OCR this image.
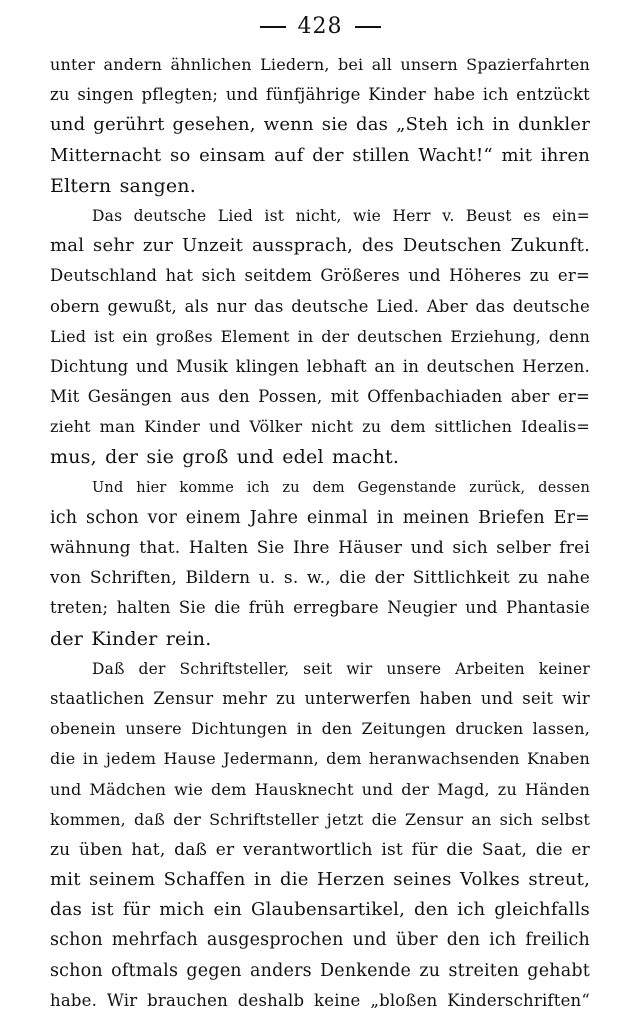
428
unter andern ähnlichen Liedern, bei all unsern Spazierfahrten
zu singen pflegten; und fünfjährige Kinder habe ich entzückt
und gerührt gesehen, wenn sie das „Steh ich in dunkler
Mitternacht so einsam auf der stillen Wacht!“ mit ihren
Eltern sangen.
Das deutsche Lied ist nicht, wie Herr v. Beust es ein=
mal sehr zur Unzeit aussprach, des Deutschen Zukunft.
Deutschland hat sich seitdem Größeres und Höheres zu er=
obern gewußt, als nur das deutsche Lied. Aber das deutsche
Lied ist ein großes Element in der deutschen Erziehung, denn
Dichtung und Musik klingen lebhaft an in deutschen Herzen.
Mit Gesängen aus den Possen, mit Offenbachiaden aber er=
zieht man Kinder und Völker nicht zu dem sittlichen Idealis=
mus, der sie groß und edel macht.
Und hier komme ich zu dem Gegenstande zurück, dessen
ich schon vor einem Jahre einmal in meinen Briefen Er=
wähnung that. Halten Sie Ihre Häuser und sich selber frei
von Schriften, Bildern u. s. w., die der Sittlichkeit zu nahe
treten; halten Sie die früh erregbare Neugier und Phantasie
der Kinder rein.
Daß der Schriftsteller, seit wir unsere Arbeiten keiner
staatlichen Zensur mehr zu unterwerfen haben und seit wir
obenein unsere Dichtungen in den Zeitungen drucken lassen,
die in jedem Hause Jedermann, dem heranwachsenden Knaben
und Mädchen wie dem Hausknecht und der Magd, zu Händen
kommen, daß der Schriftsteller jetzt die Zensur an sich selbst
zu üben hat, daß er verantwortlich ist für die Saat, die er
mit seinem Schaffen in die Herzen seines Volkes streut,
das ist für mich ein Glaubensartikel, den ich gleichfalls
schon mehrfach ausgesprochen und über den ich freilich
schon oftmals gegen anders Denkende zu streiten gehabt
habe. Wir brauchen deshalb keine „bloßen Kinderschriften“
